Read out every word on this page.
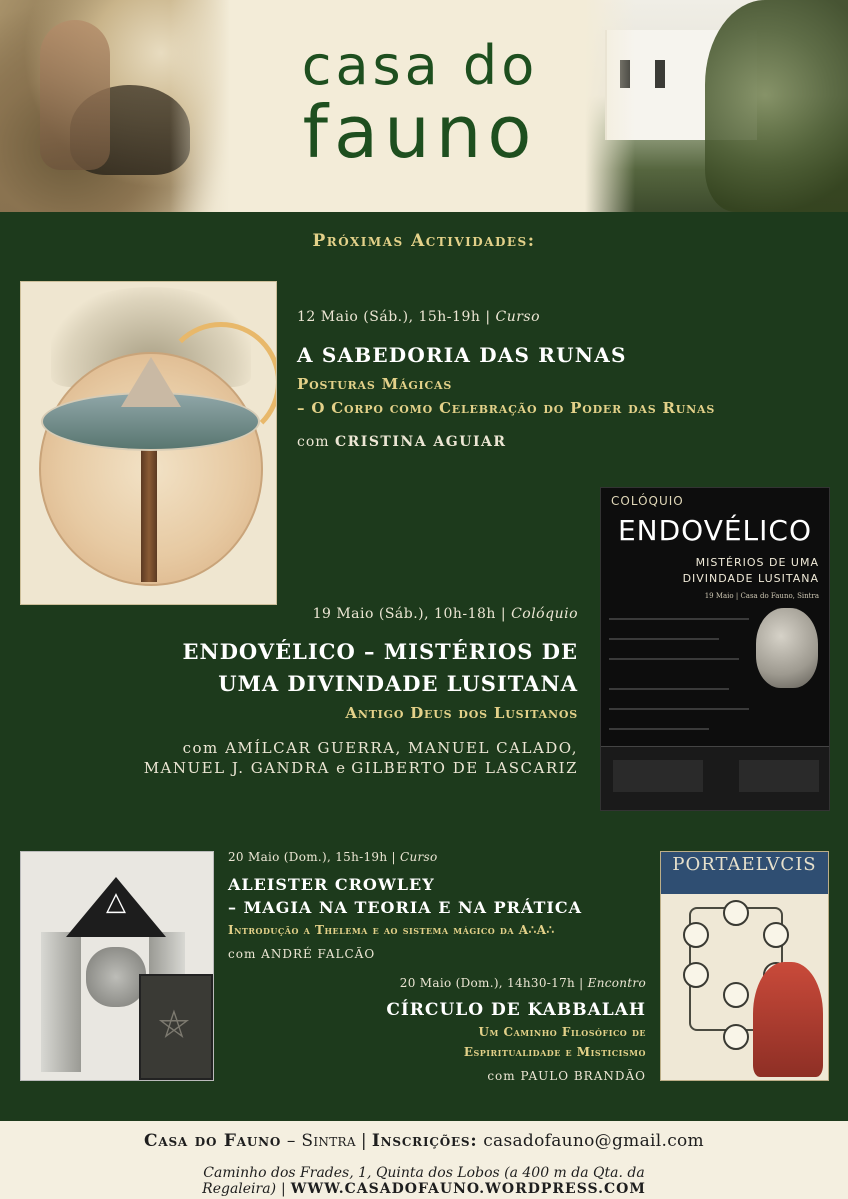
casa do
fauno
Próximas Actividades:
12 Maio (Sáb.), 15h-19h | Curso
A SABEDORIA DAS RUNAS
Posturas Mágicas
– O Corpo como Celebração do Poder das Runas
com CRISTINA AGUIAR
COLÓQUIO
ENDOVÉLICO
MISTÉRIOS DE UMA
DIVINDADE LUSITANA
19 Maio | Casa do Fauno, Sintra
19 Maio (Sáb.), 10h-18h | Colóquio
ENDOVÉLICO – MISTÉRIOS DE
UMA DIVINDADE LUSITANA
Antigo Deus dos Lusitanos
com AMÍLCAR GUERRA, MANUEL CALADO,
MANUEL J. GANDRA e GILBERTO DE LASCARIZ
△
⛤
20 Maio (Dom.), 15h-19h | Curso
ALEISTER CROWLEY
– MAGIA NA TEORIA E NA PRÁTICA
Introdução a Thelema e ao sistema mágico da A∴A∴
com ANDRÉ FALCÃO
20 Maio (Dom.), 14h30-17h | Encontro
CÍRCULO DE KABBALAH
Um Caminho Filosófico de
Espiritualidade e Misticismo
com PAULO BRANDÃO
PORTAELVCIS
Casa do Fauno – Sintra | Inscrições: casadofauno@gmail.com
Caminho dos Frades, 1, Quinta dos Lobos (a 400 m da Qta. da Regaleira) | WWW.CASADOFAUNO.WORDPRESS.COM
